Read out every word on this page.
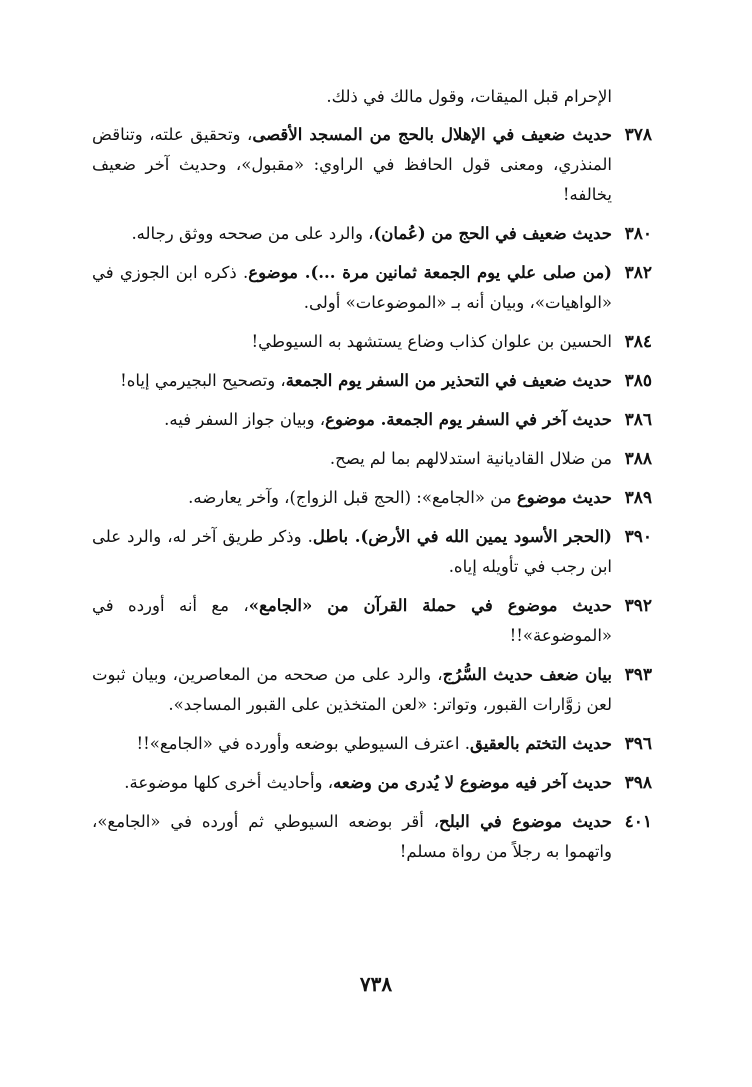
الإحرام قبل الميقات، وقول مالك في ذلك.
٣٧٨
حديث ضعيف في الإهلال بالحج من المسجد الأقصى، وتحقيق علته، وتناقض المنذري، ومعنى قول الحافظ في الراوي: «مقبول»، وحديث آخر ضعيف يخالفه!
٣٨٠
حديث ضعيف في الحج من (عُمان)، والرد على من صححه ووثق رجاله.
٣٨٢
(من صلى علي يوم الجمعة ثمانين مرة ...). موضوع. ذكره ابن الجوزي في «الواهيات»، وبيان أنه بـ «الموضوعات» أولى.
٣٨٤
الحسين بن علوان كذاب وضاع يستشهد به السيوطي!
٣٨٥
حديث ضعيف في التحذير من السفر يوم الجمعة، وتصحيح البجيرمي إياه!
٣٨٦
حديث آخر في السفر يوم الجمعة. موضوع، وبيان جواز السفر فيه.
٣٨٨
من ضلال القاديانية استدلالهم بما لم يصح.
٣٨٩
حديث موضوع من «الجامع»: (الحج قبل الزواج)، وآخر يعارضه.
٣٩٠
(الحجر الأسود يمين الله في الأرض). باطل. وذكر طريق آخر له، والرد على ابن رجب في تأويله إياه.
٣٩٢
حديث موضوع في حملة القرآن من «الجامع»، مع أنه أورده في «الموضوعة»!!
٣٩٣
بيان ضعف حديث السُّرُج، والرد على من صححه من المعاصرين، وبيان ثبوت لعن زوَّارات القبور، وتواتر: «لعن المتخذين على القبور المساجد».
٣٩٦
حديث التختم بالعقيق. اعترف السيوطي بوضعه وأورده في «الجامع»!!
٣٩٨
حديث آخر فيه موضوع لا يُدرى من وضعه، وأحاديث أخرى كلها موضوعة.
٤٠١
حديث موضوع في البلح، أقر بوضعه السيوطي ثم أورده في «الجامع»، واتهموا به رجلاً من رواة مسلم!
٧٣٨
